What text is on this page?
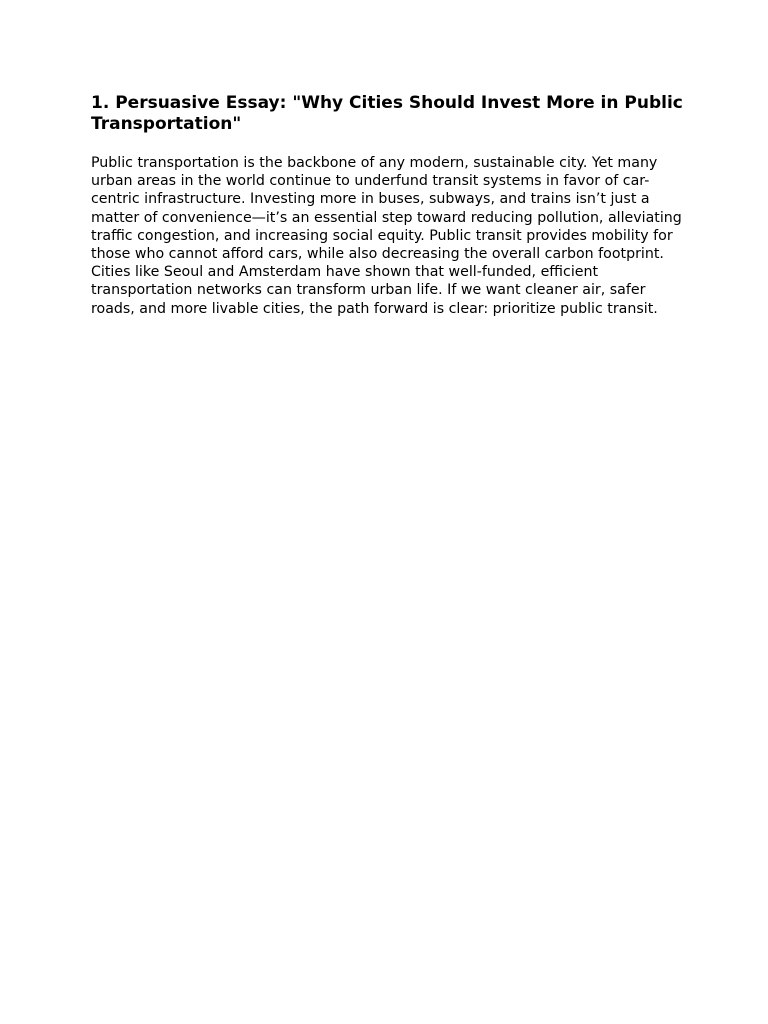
1. Persuasive Essay: "Why Cities Should Invest More in Public Transportation"

Public transportation is the backbone of any modern, sustainable city. Yet many urban areas in the world continue to underfund transit systems in favor of car-centric infrastructure. Investing more in buses, subways, and trains isn’t just a matter of convenience—it’s an essential step toward reducing pollution, alleviating traffic congestion, and increasing social equity. Public transit provides mobility for those who cannot afford cars, while also decreasing the overall carbon footprint. Cities like Seoul and Amsterdam have shown that well-funded, efficient transportation networks can transform urban life. If we want cleaner air, safer roads, and more livable cities, the path forward is clear: prioritize public transit.
